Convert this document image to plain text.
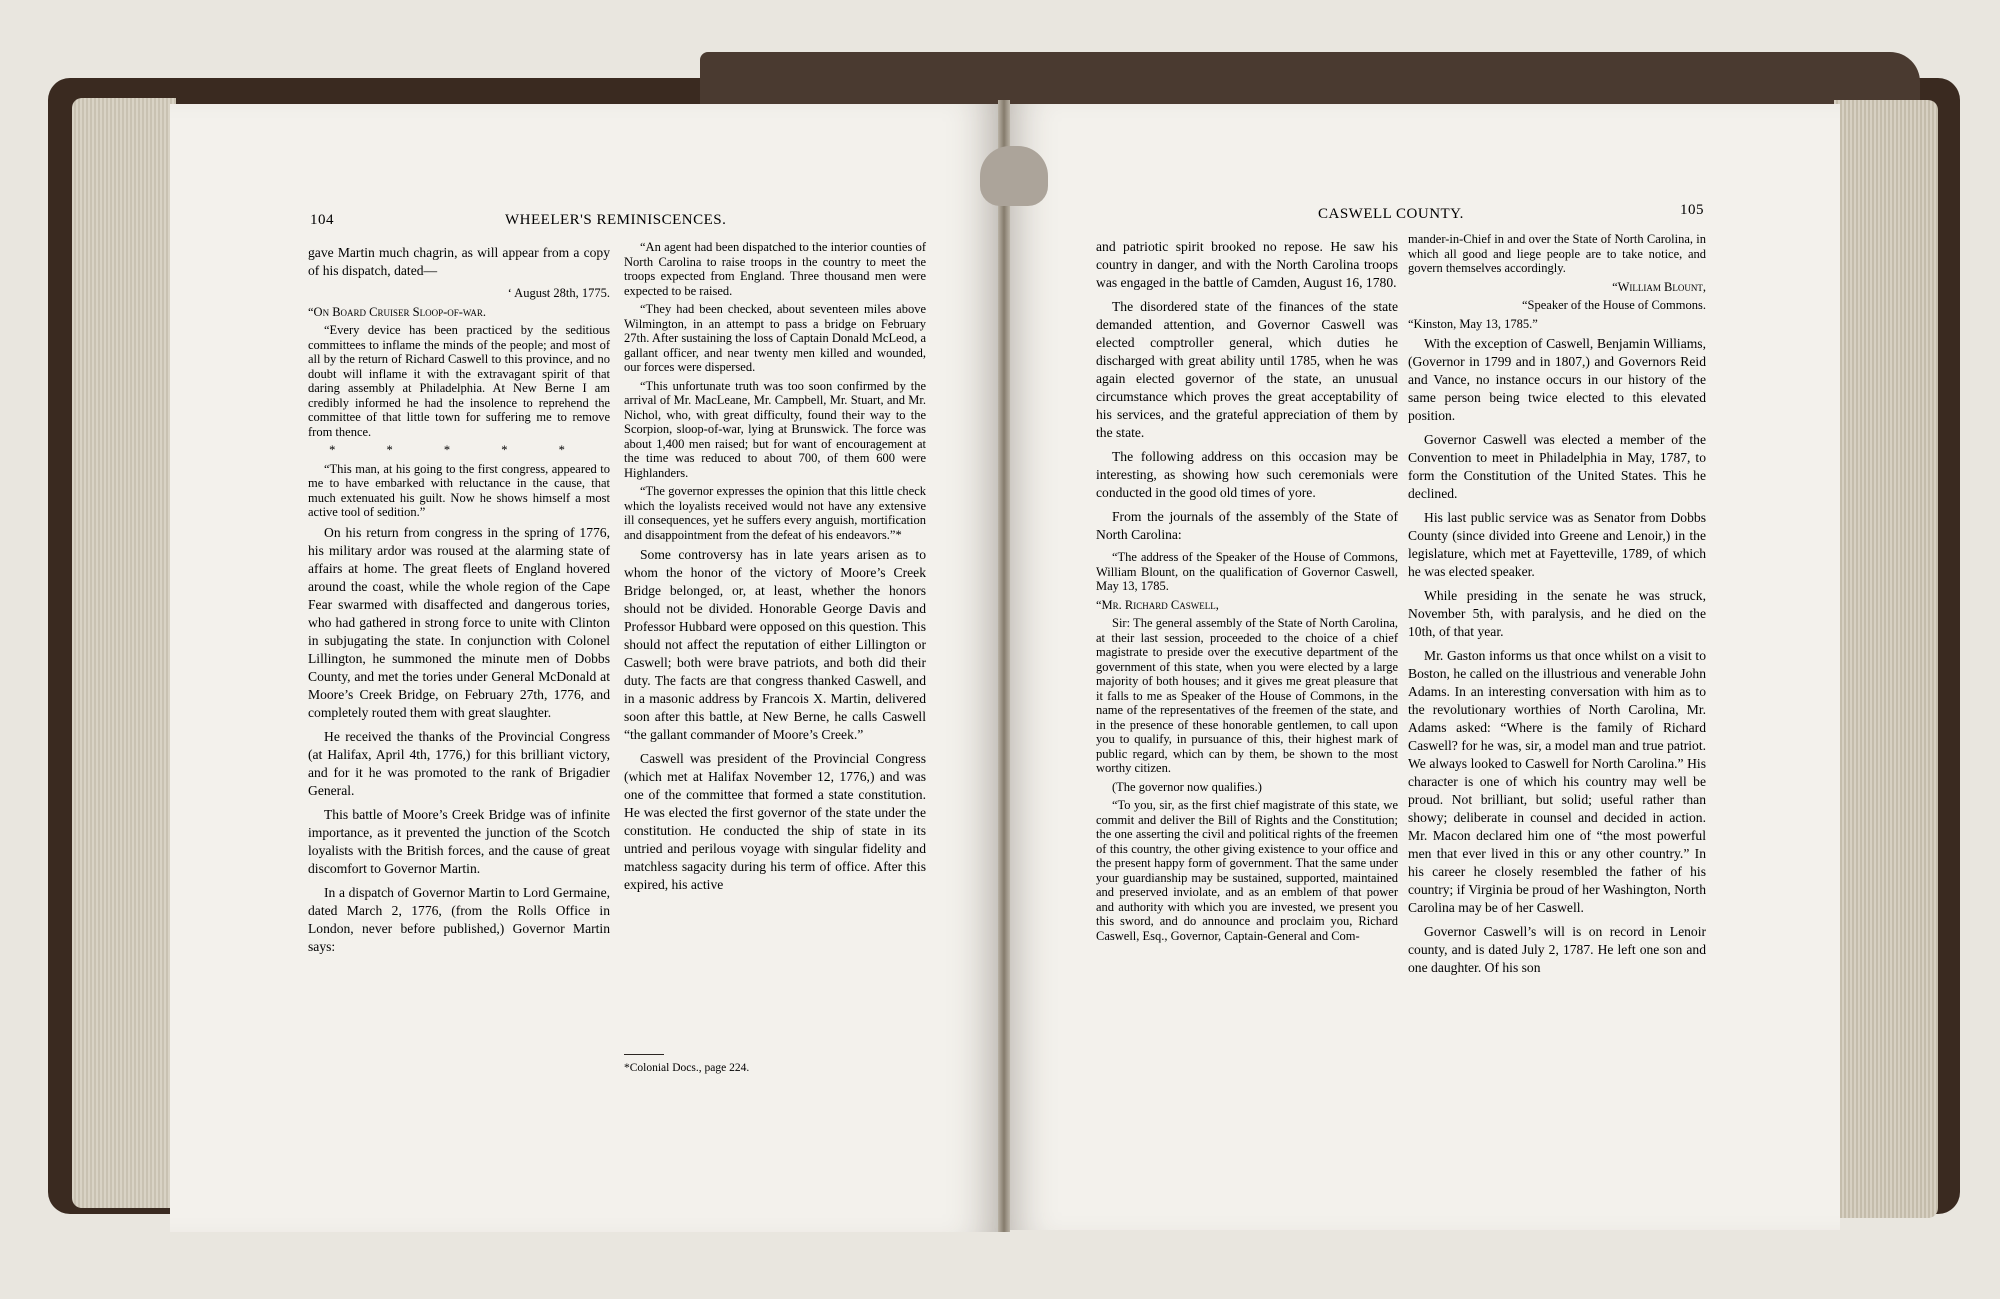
104	WHEELER'S REMINISCENCES.	CASWELL COUNTY.	105

gave Martin much chagrin, as will appear from a copy of his dispatch, dated—

‘ August 28th, 1775.

“On Board Cruiser Sloop-of-war.

“Every device has been practiced by the seditious committees to inflame the minds of the people; and most of all by the return of Richard Caswell to this province, and no doubt will inflame it with the extravagant spirit of that daring assembly at Philadelphia. At New Berne I am credibly informed he had the insolence to reprehend the committee of that little town for suffering me to remove from thence.

* * * * *

“This man, at his going to the first congress, appeared to me to have embarked with reluctance in the cause, that much extenuated his guilt. Now he shows himself a most active tool of sedition.”

On his return from congress in the spring of 1776, his military ardor was roused at the alarming state of affairs at home. The great fleets of England hovered around the coast, while the whole region of the Cape Fear swarmed with disaffected and dangerous tories, who had gathered in strong force to unite with Clinton in subjugating the state. In conjunction with Colonel Lillington, he summoned the minute men of Dobbs County, and met the tories under General McDonald at Moore’s Creek Bridge, on February 27th, 1776, and completely routed them with great slaughter.

He received the thanks of the Provincial Congress (at Halifax, April 4th, 1776,) for this brilliant victory, and for it he was promoted to the rank of Brigadier General.

This battle of Moore’s Creek Bridge was of infinite importance, as it prevented the junction of the Scotch loyalists with the British forces, and the cause of great discomfort to Governor Martin.

In a dispatch of Governor Martin to Lord Germaine, dated March 2, 1776, (from the Rolls Office in London, never before published,) Governor Martin says:

“An agent had been dispatched to the interior counties of North Carolina to raise troops in the country to meet the troops expected from England. Three thousand men were expected to be raised.

“They had been checked, about seventeen miles above Wilmington, in an attempt to pass a bridge on February 27th. After sustaining the loss of Captain Donald McLeod, a gallant officer, and near twenty men killed and wounded, our forces were dispersed.

“This unfortunate truth was too soon confirmed by the arrival of Mr. MacLeane, Mr. Campbell, Mr. Stuart, and Mr. Nichol, who, with great difficulty, found their way to the Scorpion, sloop-of-war, lying at Brunswick. The force was about 1,400 men raised; but for want of encouragement at the time was reduced to about 700, of them 600 were Highlanders.

“The governor expresses the opinion that this little check which the loyalists received would not have any extensive ill consequences, yet he suffers every anguish, mortification and disappointment from the defeat of his endeavors.”*

Some controversy has in late years arisen as to whom the honor of the victory of Moore’s Creek Bridge belonged, or, at least, whether the honors should not be divided. Honorable George Davis and Professor Hubbard were opposed on this question. This should not affect the reputation of either Lillington or Caswell; both were brave patriots, and both did their duty. The facts are that congress thanked Caswell, and in a masonic address by Francois X. Martin, delivered soon after this battle, at New Berne, he calls Caswell “the gallant commander of Moore’s Creek.”

Caswell was president of the Provincial Congress (which met at Halifax November 12, 1776,) and was one of the committee that formed a state constitution. He was elected the first governor of the state under the constitution. He conducted the ship of state in its untried and perilous voyage with singular fidelity and matchless sagacity during his term of office. After this expired, his active

and patriotic spirit brooked no repose. He saw his country in danger, and with the North Carolina troops was engaged in the battle of Camden, August 16, 1780.

The disordered state of the finances of the state demanded attention, and Governor Caswell was elected comptroller general, which duties he discharged with great ability until 1785, when he was again elected governor of the state, an unusual circumstance which proves the great acceptability of his services, and the grateful appreciation of them by the state.

The following address on this occasion may be interesting, as showing how such ceremonials were conducted in the good old times of yore.

From the journals of the assembly of the State of North Carolina:

“The address of the Speaker of the House of Commons, William Blount, on the qualification of Governor Caswell, May 13, 1785.

“Mr. Richard Caswell,

Sir: The general assembly of the State of North Carolina, at their last session, proceeded to the choice of a chief magistrate to preside over the executive department of the government of this state, when you were elected by a large majority of both houses; and it gives me great pleasure that it falls to me as Speaker of the House of Commons, in the name of the representatives of the freemen of the state, and in the presence of these honorable gentlemen, to call upon you to qualify, in pursuance of this, their highest mark of public regard, which can by them, be shown to the most worthy citizen.

(The governor now qualifies.)

“To you, sir, as the first chief magistrate of this state, we commit and deliver the Bill of Rights and the Constitution; the one asserting the civil and political rights of the freemen of this country, the other giving existence to your office and the present happy form of government. That the same under your guardianship may be sustained, supported, maintained and preserved inviolate, and as an emblem of that power and authority with which you are invested, we present you this sword, and do announce and proclaim you, Richard Caswell, Esq., Governor, Captain-General and Com-

mander-in-Chief in and over the State of North Carolina, in which all good and liege people are to take notice, and govern themselves accordingly.

“William Blount,

“Speaker of the House of Commons.

“Kinston, May 13, 1785.”

With the exception of Caswell, Benjamin Williams, (Governor in 1799 and in 1807,) and Governors Reid and Vance, no instance occurs in our history of the same person being twice elected to this elevated position.

Governor Caswell was elected a member of the Convention to meet in Philadelphia in May, 1787, to form the Constitution of the United States. This he declined.

His last public service was as Senator from Dobbs County (since divided into Greene and Lenoir,) in the legislature, which met at Fayetteville, 1789, of which he was elected speaker.

While presiding in the senate he was struck, November 5th, with paralysis, and he died on the 10th, of that year.

Mr. Gaston informs us that once whilst on a visit to Boston, he called on the illustrious and venerable John Adams. In an interesting conversation with him as to the revolutionary worthies of North Carolina, Mr. Adams asked: “Where is the family of Richard Caswell? for he was, sir, a model man and true patriot. We always looked to Caswell for North Carolina.” His character is one of which his country may well be proud. Not brilliant, but solid; useful rather than showy; deliberate in counsel and decided in action. Mr. Macon declared him one of “the most powerful men that ever lived in this or any other country.” In his career he closely resembled the father of his country; if Virginia be proud of her Washington, North Carolina may be of her Caswell.

Governor Caswell’s will is on record in Lenoir county, and is dated July 2, 1787. He left one son and one daughter. Of his son

*Colonial Docs., page 224.
